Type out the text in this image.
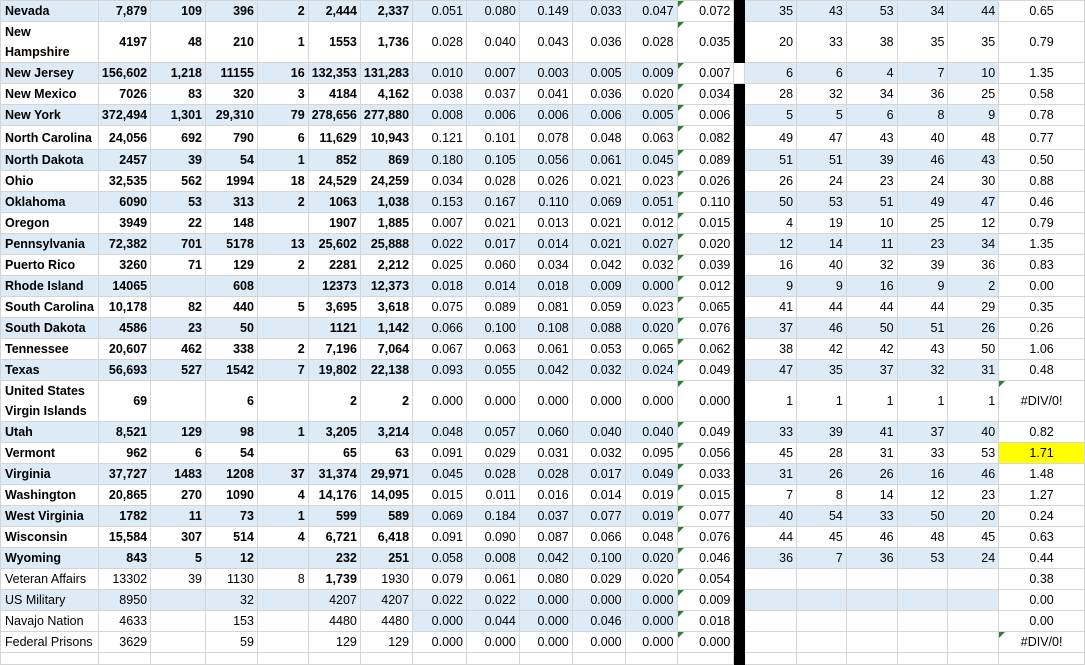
Nevada	7,879	109	396	2	2,444	2,337	0.051	0.080	0.149	0.033	0.047	0.072		35	43	53	34	44	0.65
New Hampshire	4197	48	210	1	1553	1,736	0.028	0.040	0.043	0.036	0.028	0.035		20	33	38	35	35	0.79
New Jersey	156,602	1,218	11155	16	132,353	131,283	0.010	0.007	0.003	0.005	0.009	0.007		6	6	4	7	10	1.35
New Mexico	7026	83	320	3	4184	4,162	0.038	0.037	0.041	0.036	0.020	0.034		28	32	34	36	25	0.58
New York	372,494	1,301	29,310	79	278,656	277,880	0.008	0.006	0.006	0.006	0.005	0.006		5	5	6	8	9	0.78
North Carolina	24,056	692	790	6	11,629	10,943	0.121	0.101	0.078	0.048	0.063	0.082		49	47	43	40	48	0.77
North Dakota	2457	39	54	1	852	869	0.180	0.105	0.056	0.061	0.045	0.089		51	51	39	46	43	0.50
Ohio	32,535	562	1994	18	24,529	24,259	0.034	0.028	0.026	0.021	0.023	0.026		26	24	23	24	30	0.88
Oklahoma	6090	53	313	2	1063	1,038	0.153	0.167	0.110	0.069	0.051	0.110		50	53	51	49	47	0.46
Oregon	3949	22	148		1907	1,885	0.007	0.021	0.013	0.021	0.012	0.015		4	19	10	25	12	0.79
Pennsylvania	72,382	701	5178	13	25,602	25,888	0.022	0.017	0.014	0.021	0.027	0.020		12	14	11	23	34	1.35
Puerto Rico	3260	71	129	2	2281	2,212	0.025	0.060	0.034	0.042	0.032	0.039		16	40	32	39	36	0.83
Rhode Island	14065		608		12373	12,373	0.018	0.014	0.018	0.009	0.000	0.012		9	9	16	9	2	0.00
South Carolina	10,178	82	440	5	3,695	3,618	0.075	0.089	0.081	0.059	0.023	0.065		41	44	44	44	29	0.35
South Dakota	4586	23	50		1121	1,142	0.066	0.100	0.108	0.088	0.020	0.076		37	46	50	51	26	0.26
Tennessee	20,607	462	338	2	7,196	7,064	0.067	0.063	0.061	0.053	0.065	0.062		38	42	42	43	50	1.06
Texas	56,693	527	1542	7	19,802	22,138	0.093	0.055	0.042	0.032	0.024	0.049		47	35	37	32	31	0.48
United States Virgin Islands	69		6		2	2	0.000	0.000	0.000	0.000	0.000	0.000		1	1	1	1	1	#DIV/0!
Utah	8,521	129	98	1	3,205	3,214	0.048	0.057	0.060	0.040	0.040	0.049		33	39	41	37	40	0.82
Vermont	962	6	54		65	63	0.091	0.029	0.031	0.032	0.095	0.056		45	28	31	33	53	1.71
Virginia	37,727	1483	1208	37	31,374	29,971	0.045	0.028	0.028	0.017	0.049	0.033		31	26	26	16	46	1.48
Washington	20,865	270	1090	4	14,176	14,095	0.015	0.011	0.016	0.014	0.019	0.015		7	8	14	12	23	1.27
West Virginia	1782	11	73	1	599	589	0.069	0.184	0.037	0.077	0.019	0.077		40	54	33	50	20	0.24
Wisconsin	15,584	307	514	4	6,721	6,418	0.091	0.090	0.087	0.066	0.048	0.076		44	45	46	48	45	0.63
Wyoming	843	5	12		232	251	0.058	0.008	0.042	0.100	0.020	0.046		36	7	36	53	24	0.44
Veteran Affairs	13302	39	1130	8	1,739	1930	0.079	0.061	0.080	0.029	0.020	0.054							0.38
US Military	8950		32		4207	4207	0.022	0.022	0.000	0.000	0.000	0.009							0.00
Navajo Nation	4633		153		4480	4480	0.000	0.044	0.000	0.046	0.000	0.018							0.00
Federal Prisons	3629		59		129	129	0.000	0.000	0.000	0.000	0.000	0.000							#DIV/0!
